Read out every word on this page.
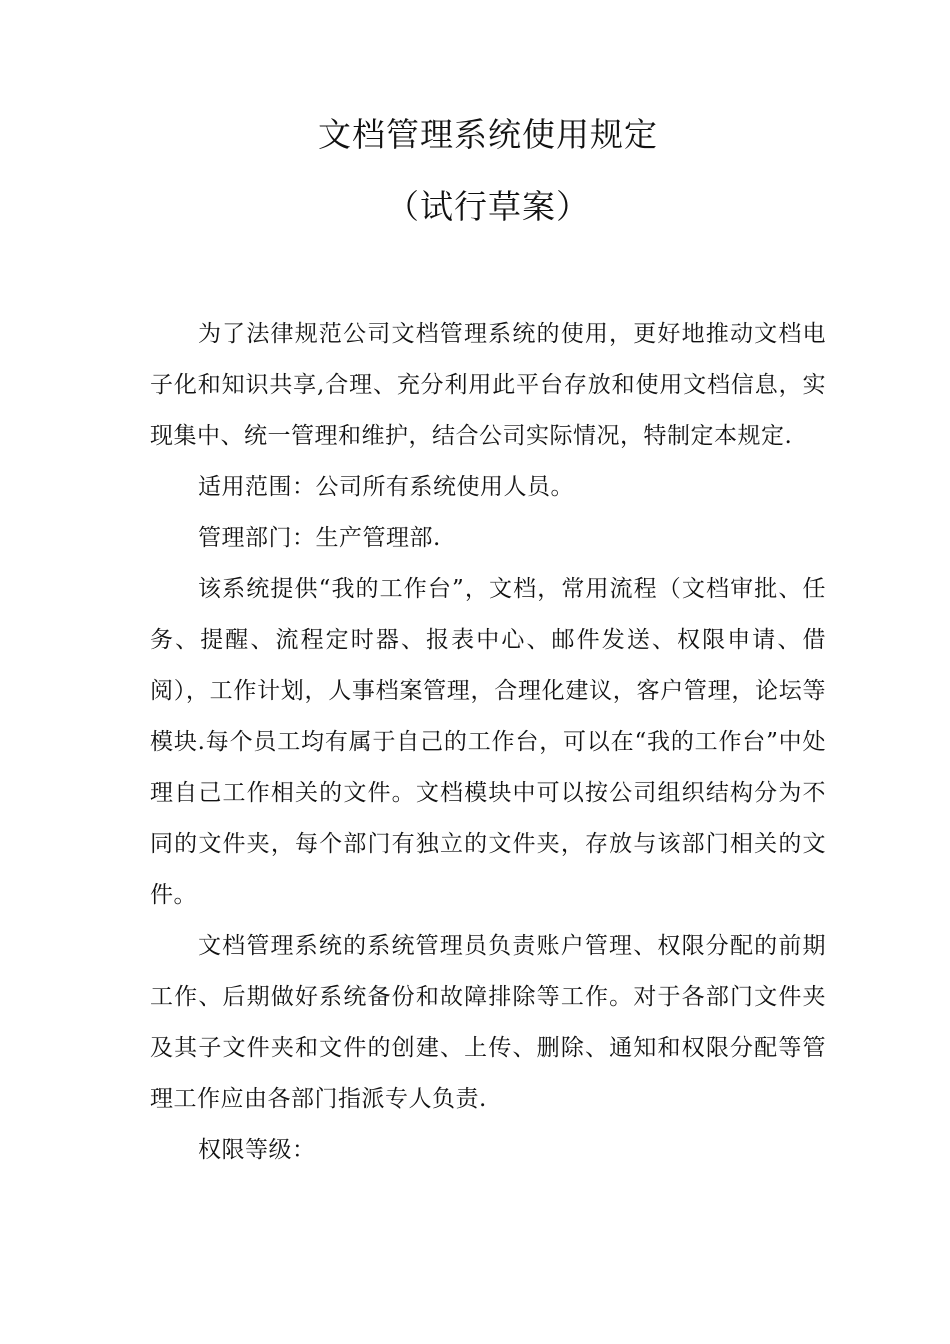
文档管理系统使用规定
（试行草案）

为了法律规范公司文档管理系统的使用，更好地推动文档电子化和知识共享,合理、充分利用此平台存放和使用文档信息，实现集中、统一管理和维护，结合公司实际情况，特制定本规定.

适用范围：公司所有系统使用人员。

管理部门：生产管理部.

该系统提供“我的工作台”，文档，常用流程（文档审批、任务、提醒、流程定时器、报表中心、邮件发送、权限申请、借阅），工作计划，人事档案管理，合理化建议，客户管理，论坛等模块.每个员工均有属于自己的工作台，可以在“我的工作台”中处理自己工作相关的文件。文档模块中可以按公司组织结构分为不同的文件夹，每个部门有独立的文件夹，存放与该部门相关的文件。

文档管理系统的系统管理员负责账户管理、权限分配的前期工作、后期做好系统备份和故障排除等工作。对于各部门文件夹及其子文件夹和文件的创建、上传、删除、通知和权限分配等管理工作应由各部门指派专人负责.

权限等级：
